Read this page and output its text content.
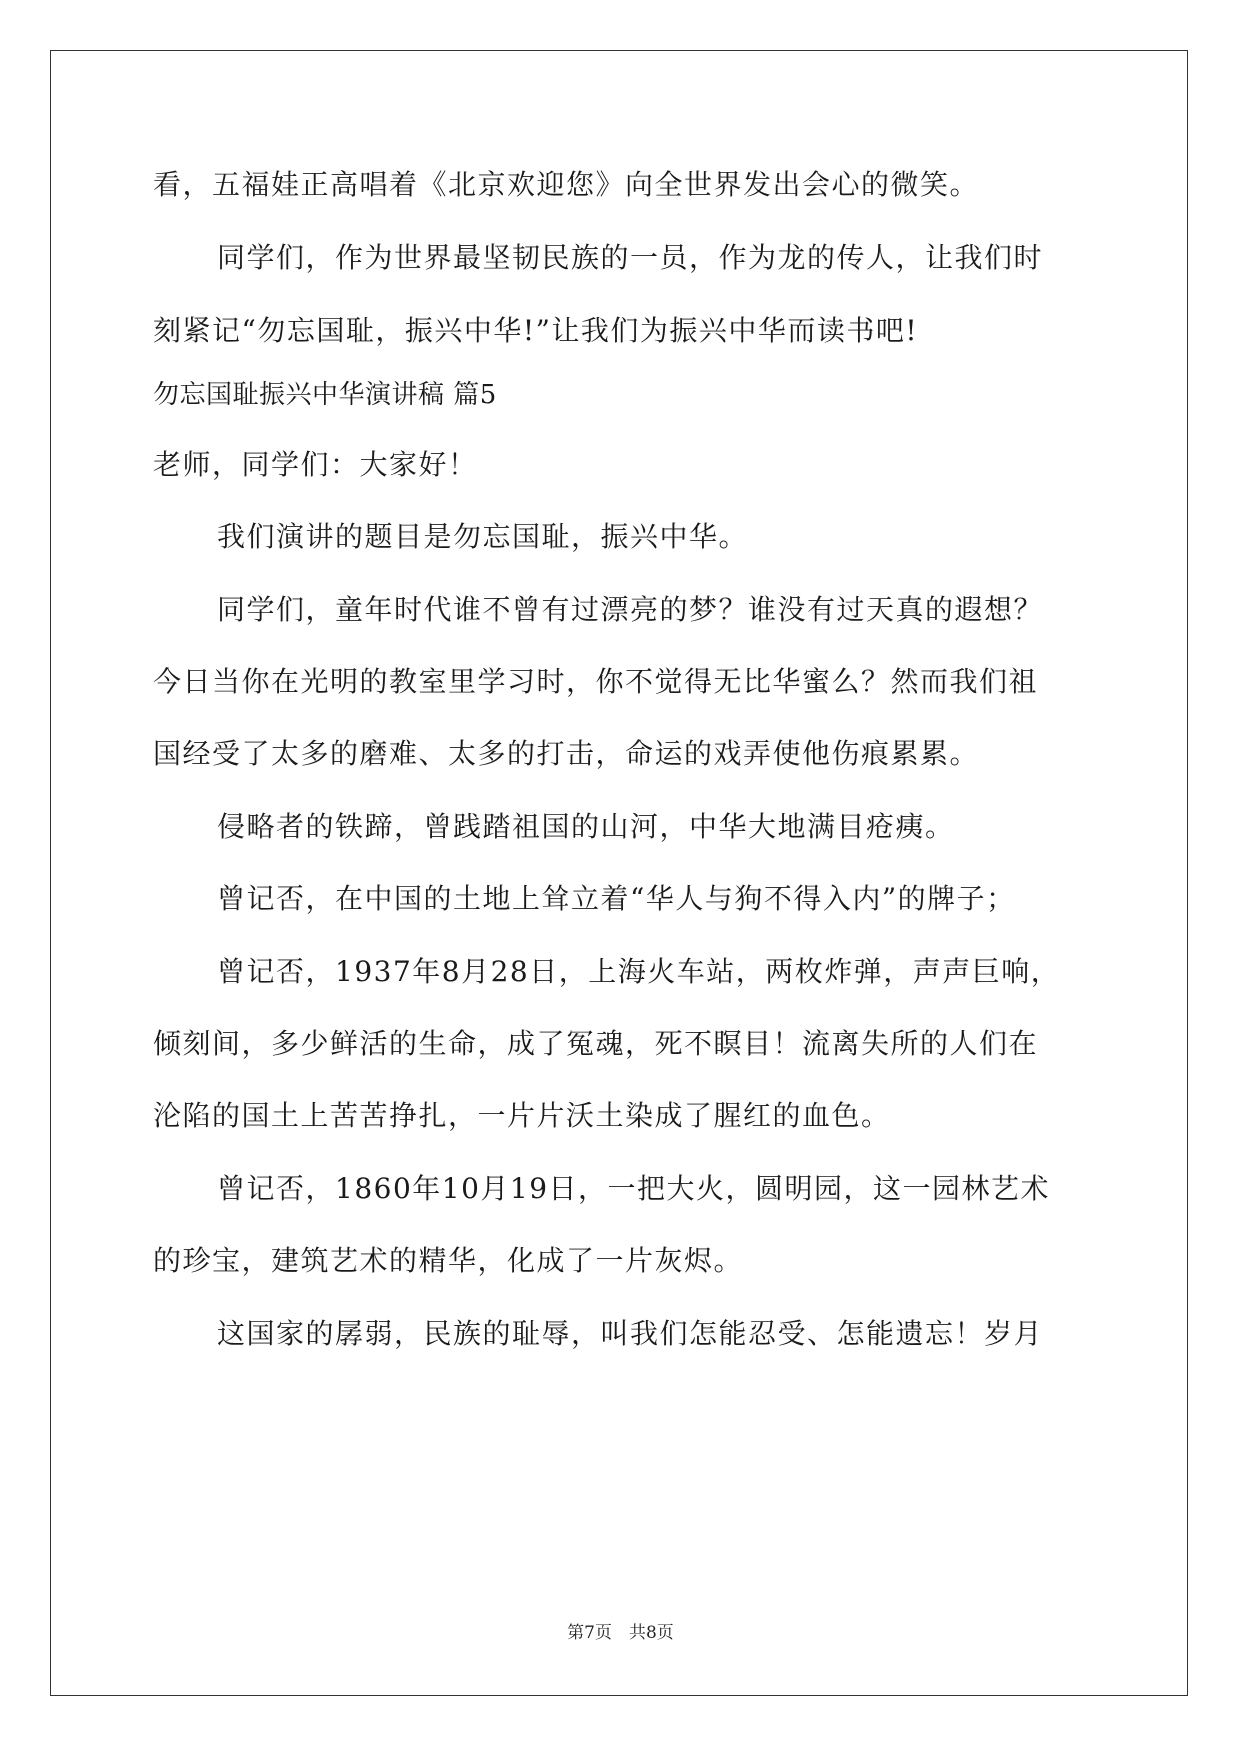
看，五福娃正高唱着《北京欢迎您》向全世界发出会心的微笑。
同学们，作为世界最坚韧民族的一员，作为龙的传人，让我们时
刻紧记“勿忘国耻，振兴中华!”让我们为振兴中华而读书吧!
勿忘国耻振兴中华演讲稿 篇5
老师，同学们：大家好！
我们演讲的题目是勿忘国耻，振兴中华。
同学们，童年时代谁不曾有过漂亮的梦？谁没有过天真的遐想？
今日当你在光明的教室里学习时，你不觉得无比华蜜么？然而我们祖
国经受了太多的磨难、太多的打击，命运的戏弄使他伤痕累累。
侵略者的铁蹄，曾践踏祖国的山河，中华大地满目疮痍。
曾记否，在中国的土地上耸立着“华人与狗不得入内”的牌子；
曾记否，1937年8月28日，上海火车站，两枚炸弹，声声巨响，
倾刻间，多少鲜活的生命，成了冤魂，死不瞑目！流离失所的人们在
沦陷的国土上苦苦挣扎，一片片沃土染成了腥红的血色。
曾记否，1860年10月19日，一把大火，圆明园，这一园林艺术
的珍宝，建筑艺术的精华，化成了一片灰烬。
这国家的孱弱，民族的耻辱，叫我们怎能忍受、怎能遗忘！岁月
第7页　共8页
